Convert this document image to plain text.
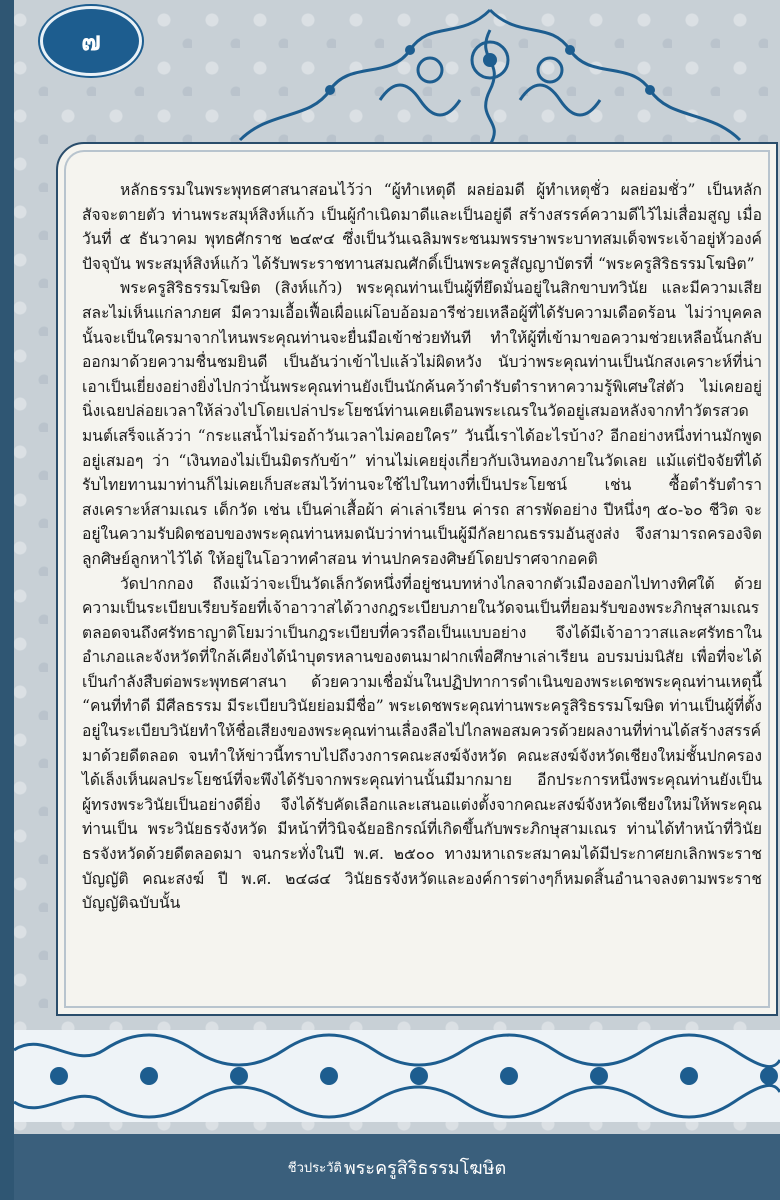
๗

หลักธรรมในพระพุทธศาสนาสอนไว้ว่า “ผู้ทำเหตุดี ผลย่อมดี ผู้ทำเหตุชั่ว ผลย่อมชั่ว” เป็นหลักสัจจะตายตัว ท่านพระสมุห์สิงห์แก้ว เป็นผู้กำเนิดมาดีและเป็นอยู่ดี สร้างสรรค์ความดีไว้ไม่เสื่อมสูญ เมื่อวันที่ ๕ ธันวาคม พุทธศักราช ๒๔๙๔ ซึ่งเป็นวันเฉลิมพระชนมพรรษาพระบาทสมเด็จพระเจ้าอยู่หัวองค์ปัจจุบัน พระสมุห์สิงห์แก้ว ได้รับพระราชทานสมณศักดิ์เป็นพระครูสัญญาบัตรที่ “พระครูสิริธรรมโฆษิต”

พระครูสิริธรรมโฆษิต (สิงห์แก้ว) พระคุณท่านเป็นผู้ที่ยึดมั่นอยู่ในสิกขาบทวินัย และมีความเสียสละไม่เห็นแก่ลาภยศ มีความเอื้อเฟื้อเผื่อแผ่โอบอ้อมอารีช่วยเหลือผู้ที่ได้รับความเดือดร้อน ไม่ว่าบุคคลนั้นจะเป็นใครมาจากไหนพระคุณท่านจะยื่นมือเข้าช่วยทันที ทำให้ผู้ที่เข้ามาขอความช่วยเหลือนั้นกลับออกมาด้วยความชื่นชมยินดี เป็นอันว่าเข้าไปแล้วไม่ผิดหวัง นับว่าพระคุณท่านเป็นนักสงเคราะห์ที่น่าเอาเป็นเยี่ยงอย่างยิ่งไปกว่านั้นพระคุณท่านยังเป็นนักค้นคว้าตำรับตำราหาความรู้พิเศษใส่ตัว ไม่เคยอยู่นิ่งเฉยปล่อยเวลาให้ล่วงไปโดยเปล่าประโยชน์ท่านเคยเตือนพระเณรในวัดอยู่เสมอหลังจากทำวัตรสวดมนต์เสร็จแล้วว่า “กระแสน้ำไม่รอถ้าวันเวลาไม่คอยใคร” วันนี้เราได้อะไรบ้าง? อีกอย่างหนึ่งท่านมักพูดอยู่เสมอๆ ว่า “เงินทองไม่เป็นมิตรกับข้า” ท่านไม่เคยยุ่งเกี่ยวกับเงินทองภายในวัดเลย แม้แต่ปัจจัยที่ได้รับไทยทานมาท่านก็ไม่เคยเก็บสะสมไว้ท่านจะใช้ไปในทางที่เป็นประโยชน์ เช่น ซื้อตำรับตำรา สงเคราะห์สามเณร เด็กวัด เช่น เป็นค่าเสื้อผ้า ค่าเล่าเรียน ค่ารถ สารพัดอย่าง ปีหนึ่งๆ ๕๐-๖๐ ชีวิต จะอยู่ในความรับผิดชอบของพระคุณท่านหมดนับว่าท่านเป็นผู้มีกัลยาณธรรมอันสูงส่ง จึงสามารถครองจิตลูกศิษย์ลูกหาไว้ได้ ให้อยู่ในโอวาทคำสอน ท่านปกครองศิษย์โดยปราศจากอคติ

วัดปากกอง ถึงแม้ว่าจะเป็นวัดเล็กวัดหนึ่งที่อยู่ชนบทห่างไกลจากตัวเมืองออกไปทางทิศใต้ ด้วยความเป็นระเบียบเรียบร้อยที่เจ้าอาวาสได้วางกฎระเบียบภายในวัดจนเป็นที่ยอมรับของพระภิกษุสามเณร ตลอดจนถึงศรัทธาญาติโยมว่าเป็นกฎระเบียบที่ควรถือเป็นแบบอย่าง จึงได้มีเจ้าอาวาสและศรัทธาในอำเภอและจังหวัดที่ใกล้เคียงได้นำบุตรหลานของตนมาฝากเพื่อศึกษาเล่าเรียน อบรมบ่มนิสัย เพื่อที่จะได้เป็นกำลังสืบต่อพระพุทธศาสนา ด้วยความเชื่อมั่นในปฏิปทาการดำเนินของพระเดชพระคุณท่านเหตุนี้ “คนที่ทำดี มีศีลธรรม มีระเบียบวินัยย่อมมีชื่อ” พระเดชพระคุณท่านพระครูสิริธรรมโฆษิต ท่านเป็นผู้ที่ตั้งอยู่ในระเบียบวินัยทำให้ชื่อเสียงของพระคุณท่านเลื่องลือไปไกลพอสมควรด้วยผลงานที่ท่านได้สร้างสรรค์มาด้วยดีตลอด จนทำให้ข่าวนี้ทราบไปถึงวงการคณะสงฆ์จังหวัด คณะสงฆ์จังหวัดเชียงใหม่ชั้นปกครองได้เล็งเห็นผลประโยชน์ที่จะพึงได้รับจากพระคุณท่านนั้นมีมากมาย อีกประการหนึ่งพระคุณท่านยังเป็นผู้ทรงพระวินัยเป็นอย่างดียิ่ง จึงได้รับคัดเลือกและเสนอแต่งตั้งจากคณะสงฆ์จังหวัดเชียงใหม่ให้พระคุณท่านเป็น พระวินัยธรจังหวัด มีหน้าที่วินิจฉัยอธิกรณ์ที่เกิดขึ้นกับพระภิกษุสามเณร ท่านได้ทำหน้าที่วินัยธรจังหวัดด้วยดีตลอดมา จนกระทั่งในปี พ.ศ. ๒๕๐๐ ทางมหาเถระสมาคมได้มีประกาศยกเลิกพระราชบัญญัติ คณะสงฆ์ ปี พ.ศ. ๒๔๘๔ วินัยธรจังหวัดและองค์การต่างๆก็หมดสิ้นอำนาจลงตามพระราชบัญญัติฉบับนั้น

ชีวประวัติ พระครูสิริธรรมโฆษิต
